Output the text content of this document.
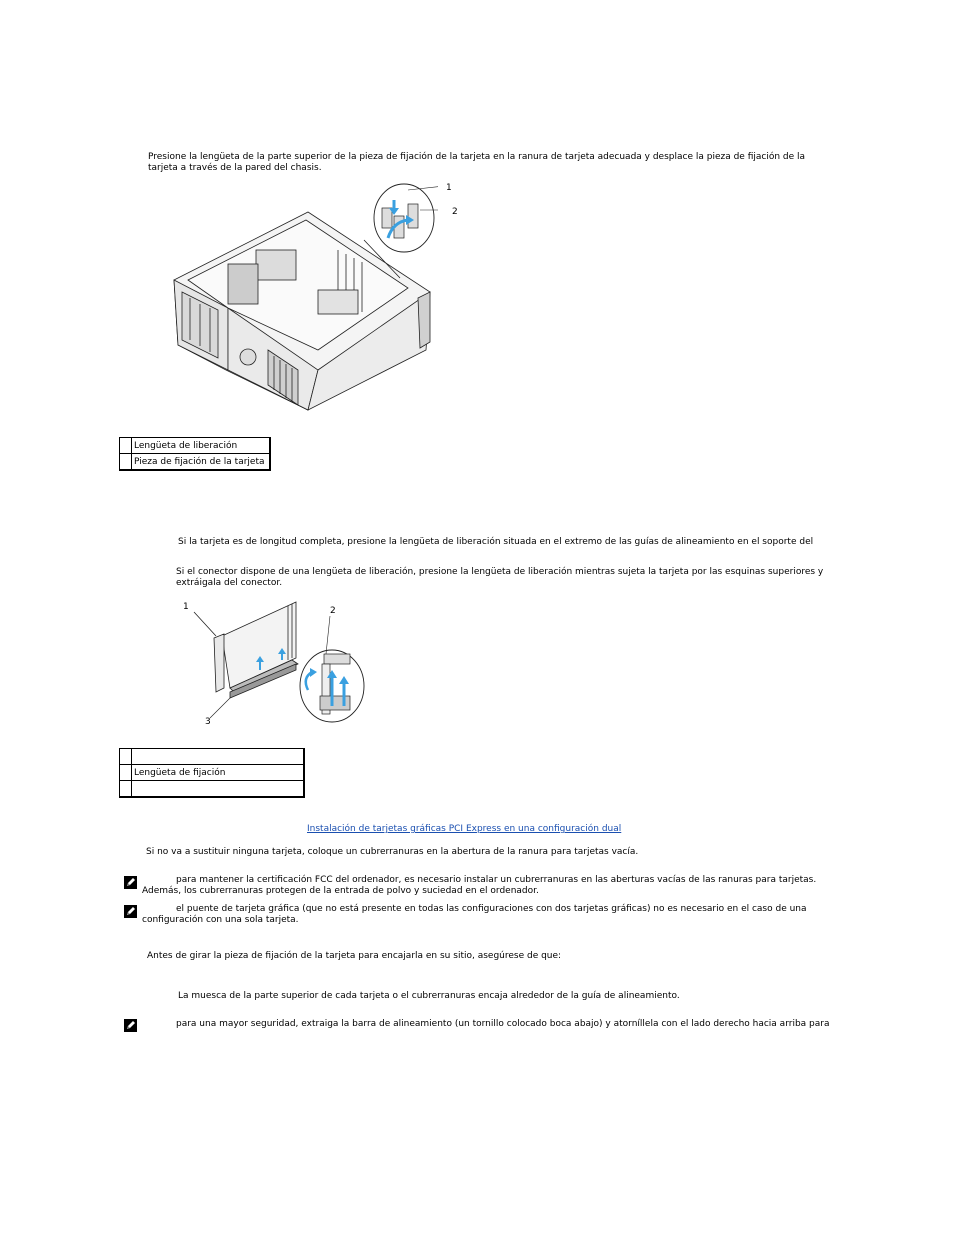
Presione la lengüeta de la parte superior de la pieza de fijación de la tarjeta en la ranura de tarjeta adecuada y desplace la pieza de fijación de la
tarjeta a través de la pared del chasis.
1
2
	Lengüeta de liberación
	Pieza de fijación de la tarjeta
Si la tarjeta es de longitud completa, presione la lengüeta de liberación situada en el extremo de las guías de alineamiento en el soporte del
Si el conector dispone de una lengüeta de liberación, presione la lengüeta de liberación mientras sujeta la tarjeta por las esquinas superiores y
extráigala del conector.
1	2
3

	Lengüeta de fijación

Instalación de tarjetas gráficas PCI Express en una configuración dual
Si no va a sustituir ninguna tarjeta, coloque un cubrerranuras en la abertura de la ranura para tarjetas vacía.
para mantener la certificación FCC del ordenador, es necesario instalar un cubrerranuras en las aberturas vacías de las ranuras para tarjetas.
Además, los cubrerranuras protegen de la entrada de polvo y suciedad en el ordenador.
el puente de tarjeta gráfica (que no está presente en todas las configuraciones con dos tarjetas gráficas) no es necesario en el caso de una
configuración con una sola tarjeta.
Antes de girar la pieza de fijación de la tarjeta para encajarla en su sitio, asegúrese de que:
La muesca de la parte superior de cada tarjeta o el cubrerranuras encaja alrededor de la guía de alineamiento.
para una mayor seguridad, extraiga la barra de alineamiento (un tornillo colocado boca abajo) y atorníllela con el lado derecho hacia arriba para
